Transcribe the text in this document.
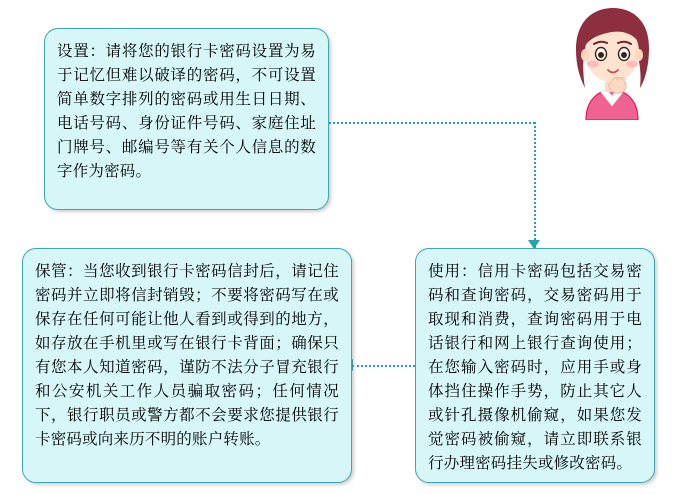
设置：请将您的银行卡密码设置为易于记忆但难以破译的密码，不可设置简单数字排列的密码或用生日日期、电话号码、身份证件号码、家庭住址门牌号、邮编号等有关个人信息的数字作为密码。
使用：信用卡密码包括交易密码和查询密码，交易密码用于取现和消费，查询密码用于电话银行和网上银行查询使用；在您输入密码时，应用手或身体挡住操作手势，防止其它人或针孔摄像机偷窥，如果您发觉密码被偷窥，请立即联系银行办理密码挂失或修改密码。
保管：当您收到银行卡密码信封后，请记住密码并立即将信封销毁；不要将密码写在或保存在任何可能让他人看到或得到的地方，如存放在手机里或写在银行卡背面；确保只有您本人知道密码，谨防不法分子冒充银行和公安机关工作人员骗取密码；任何情况下，银行职员或警方都不会要求您提供银行卡密码或向来历不明的账户转账。
